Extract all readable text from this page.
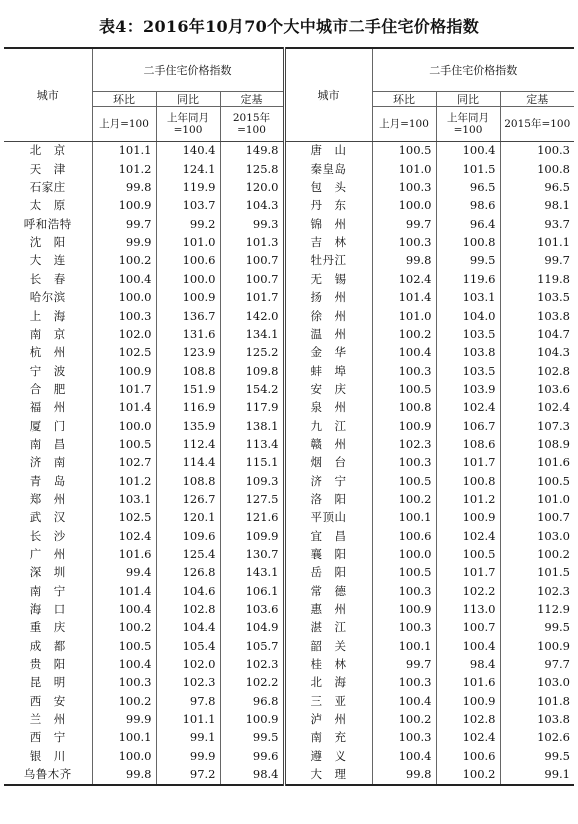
表4：2016年10月70个大中城市二手住宅价格指数
城市	二手住宅价格指数			城市	二手住宅价格指数		
	环比	同比	定基		环比	同比	定基
	上月=100	上年同月=100	2015年=100		上月=100	上年同月=100	2015年=100
北　京	101.1	140.4	149.8	唐　山	100.5	100.4	100.3
天　津	101.2	124.1	125.8	秦皇岛	101.0	101.5	100.8
石家庄	99.8	119.9	120.0	包　头	100.3	96.5	96.5
太　原	100.9	103.7	104.3	丹　东	100.0	98.6	98.1
呼和浩特	99.7	99.2	99.3	锦　州	99.7	96.4	93.7
沈　阳	99.9	101.0	101.3	吉　林	100.3	100.8	101.1
大　连	100.2	100.6	100.7	牡丹江	99.8	99.5	99.7
长　春	100.4	100.0	100.7	无　锡	102.4	119.6	119.8
哈尔滨	100.0	100.9	101.7	扬　州	101.4	103.1	103.5
上　海	100.3	136.7	142.0	徐　州	101.0	104.0	103.8
南　京	102.0	131.6	134.1	温　州	100.2	103.5	104.7
杭　州	102.5	123.9	125.2	金　华	100.4	103.8	104.3
宁　波	100.9	108.8	109.8	蚌　埠	100.3	103.5	102.8
合　肥	101.7	151.9	154.2	安　庆	100.5	103.9	103.6
福　州	101.4	116.9	117.9	泉　州	100.8	102.4	102.4
厦　门	100.0	135.9	138.1	九　江	100.9	106.7	107.3
南　昌	100.5	112.4	113.4	赣　州	102.3	108.6	108.9
济　南	102.7	114.4	115.1	烟　台	100.3	101.7	101.6
青　岛	101.2	108.8	109.3	济　宁	100.5	100.8	100.5
郑　州	103.1	126.7	127.5	洛　阳	100.2	101.2	101.0
武　汉	102.5	120.1	121.6	平顶山	100.1	100.9	100.7
长　沙	102.4	109.6	109.9	宜　昌	100.6	102.4	103.0
广　州	101.6	125.4	130.7	襄　阳	100.0	100.5	100.2
深　圳	99.4	126.8	143.1	岳　阳	100.5	101.7	101.5
南　宁	101.4	104.6	106.1	常　德	100.3	102.2	102.3
海　口	100.4	102.8	103.6	惠　州	100.9	113.0	112.9
重　庆	100.2	104.4	104.9	湛　江	100.3	100.7	99.5
成　都	100.5	105.4	105.7	韶　关	100.1	100.4	100.9
贵　阳	100.4	102.0	102.3	桂　林	99.7	98.4	97.7
昆　明	100.3	102.3	102.2	北　海	100.3	101.6	103.0
西　安	100.2	97.8	96.8	三　亚	100.4	100.9	101.8
兰　州	99.9	101.1	100.9	泸　州	100.2	102.8	103.8
西　宁	100.1	99.1	99.5	南　充	100.3	102.4	102.6
银　川	100.0	99.9	99.6	遵　义	100.4	100.6	99.5
乌鲁木齐	99.8	97.2	98.4	大　理	99.8	100.2	99.1
